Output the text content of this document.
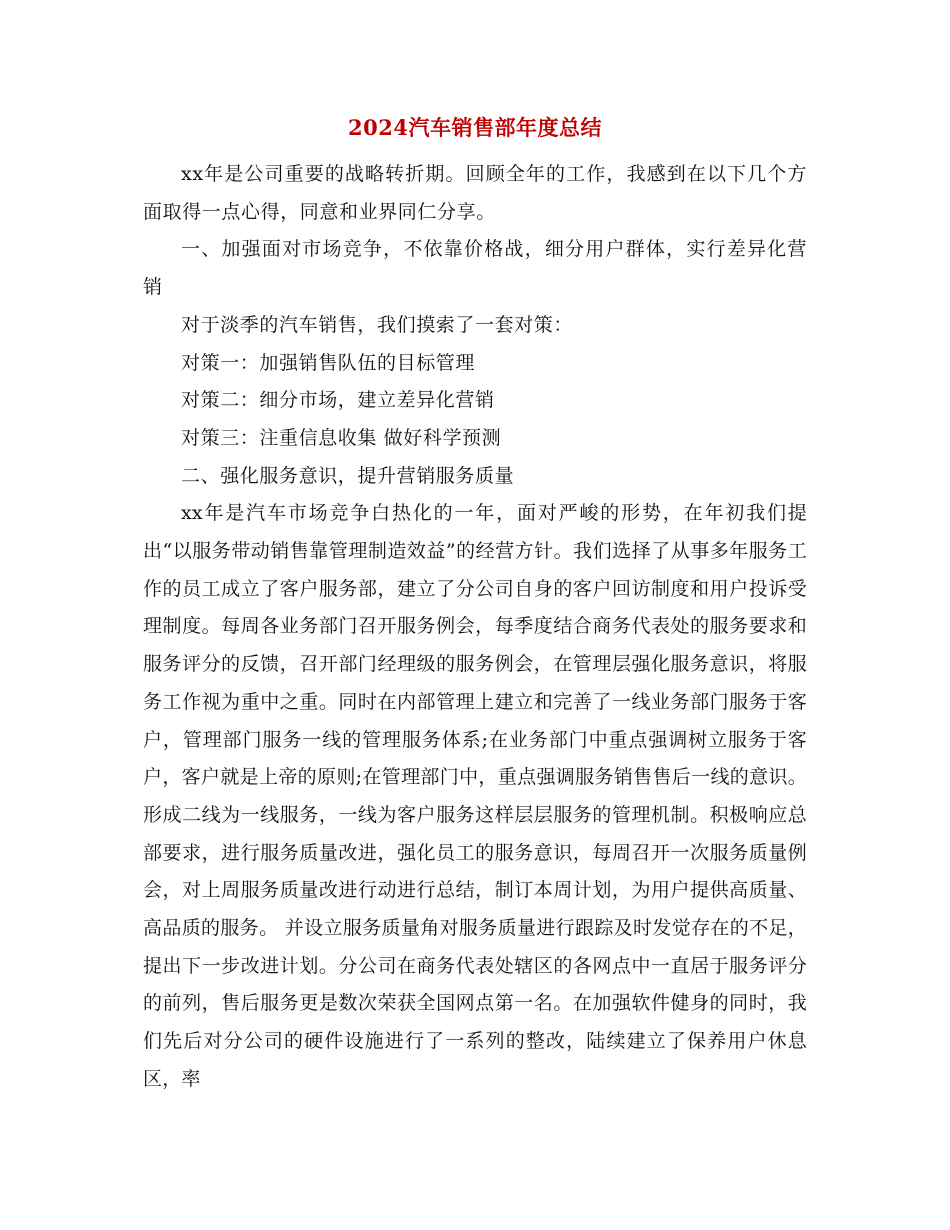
2024汽车销售部年度总结

xx年是公司重要的战略转折期。回顾全年的工作，我感到在以下几个方面取得一点心得，同意和业界同仁分享。

一、加强面对市场竞争，不依靠价格战，细分用户群体，实行差异化营销

对于淡季的汽车销售，我们摸索了一套对策：

对策一：加强销售队伍的目标管理

对策二：细分市场，建立差异化营销

对策三：注重信息收集 做好科学预测

二、强化服务意识，提升营销服务质量

xx年是汽车市场竞争白热化的一年，面对严峻的形势，在年初我们提出“以服务带动销售靠管理制造效益”的经营方针。我们选择了从事多年服务工作的员工成立了客户服务部，建立了分公司自身的客户回访制度和用户投诉受理制度。每周各业务部门召开服务例会，每季度结合商务代表处的服务要求和服务评分的反馈，召开部门经理级的服务例会，在管理层强化服务意识，将服务工作视为重中之重。同时在内部管理上建立和完善了一线业务部门服务于客户，管理部门服务一线的管理服务体系;在业务部门中重点强调树立服务于客户，客户就是上帝的原则;在管理部门中，重点强调服务销售售后一线的意识。形成二线为一线服务，一线为客户服务这样层层服务的管理机制。积极响应总部要求，进行服务质量改进，强化员工的服务意识，每周召开一次服务质量例会，对上周服务质量改进行动进行总结，制订本周计划，为用户提供高质量、高品质的服务。 并设立服务质量角对服务质量进行跟踪及时发觉存在的不足，提出下一步改进计划。分公司在商务代表处辖区的各网点中一直居于服务评分的前列，售后服务更是数次荣获全国网点第一名。在加强软件健身的同时，我们先后对分公司的硬件设施进行了一系列的整改，陆续建立了保养用户休息区，率
